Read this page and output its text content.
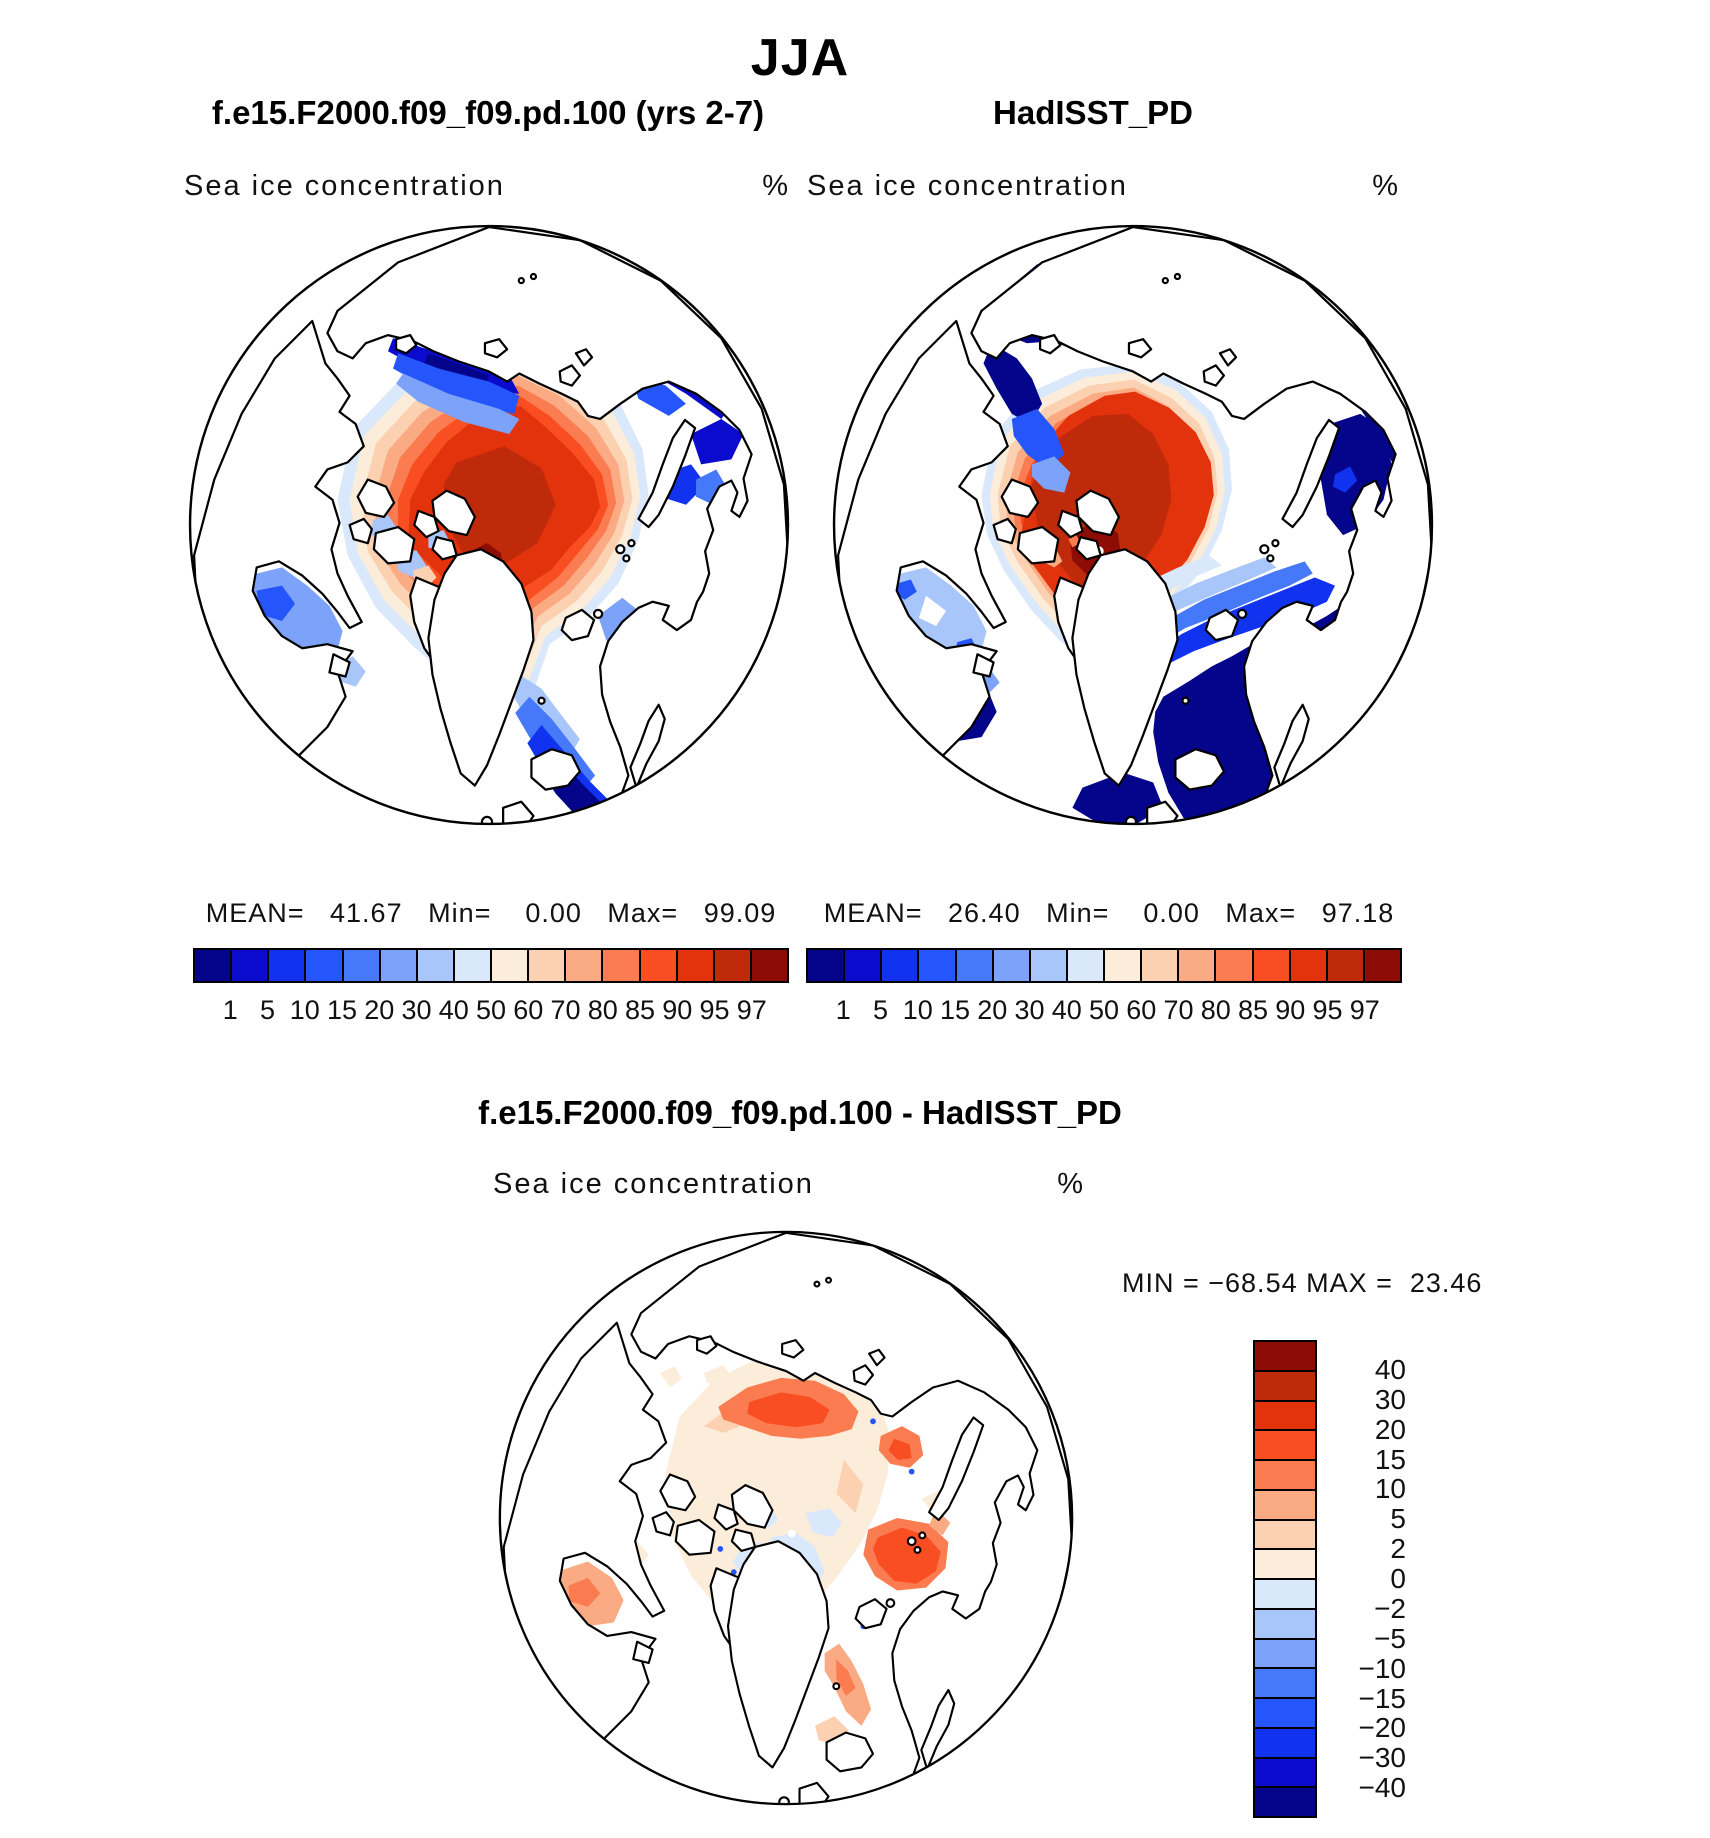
JJA
f.e15.F2000.f09_f09.pd.100 (yrs 2-7)	HadISST_PD
Sea ice concentration	% Sea ice concentration	%
MEAN=   41.67   Min=    0.00   Max=   99.09	MEAN=   26.40   Min=    0.00   Max=   97.18
1 5 10 15 20 30 40 50 60 70 80 85 90 95 97	1 5 10 15 20 30 40 50 60 70 80 85 90 95 97
f.e15.F2000.f09_f09.pd.100 - HadISST_PD
Sea ice concentration	%
MIN = −68.54 MAX =  23.46
40
30
20
15
10
5
2
0
−2
−5
−10
−15
−20
−30
−40
